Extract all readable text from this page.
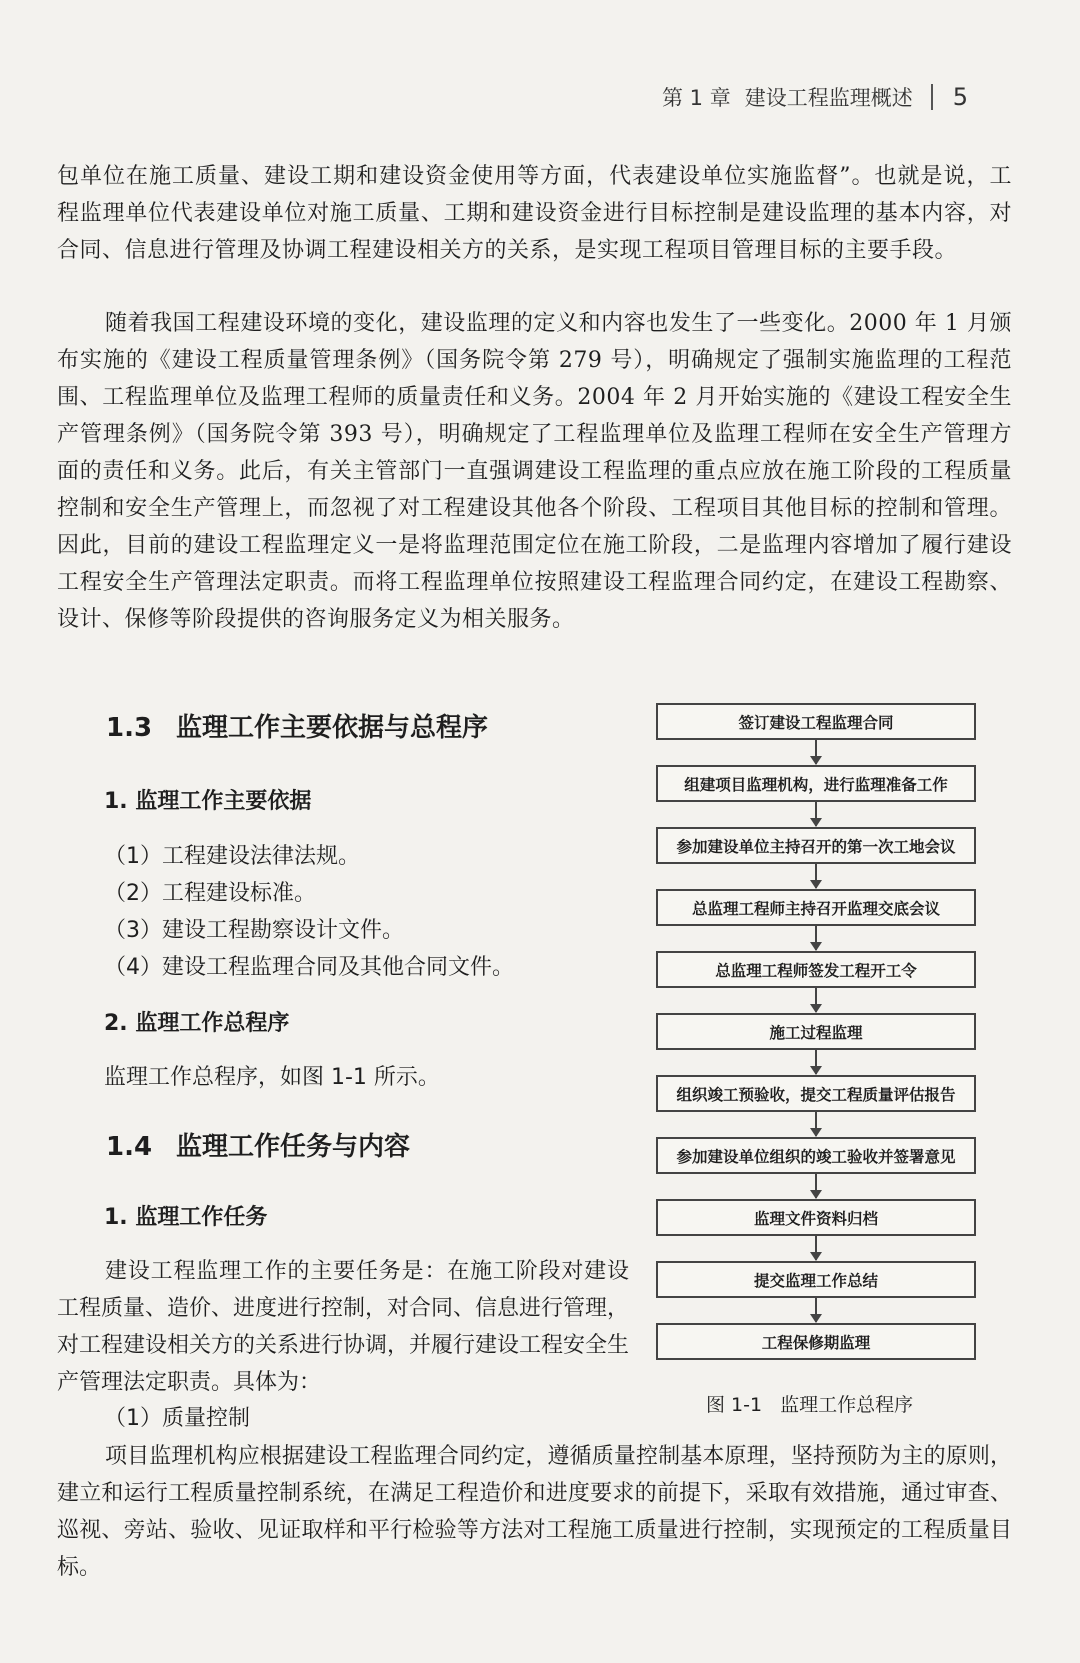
第 1 章 建设工程监理概述 5

包单位在施工质量、建设工期和建设资金使用等方面，代表建设单位实施监督”。也就是说，工程监理单位代表建设单位对施工质量、工期和建设资金进行目标控制是建设监理的基本内容，对合同、信息进行管理及协调工程建设相关方的关系，是实现工程项目管理目标的主要手段。

随着我国工程建设环境的变化，建设监理的定义和内容也发生了一些变化。2000 年 1 月颁布实施的《建设工程质量管理条例》（国务院令第 279 号），明确规定了强制实施监理的工程范围、工程监理单位及监理工程师的质量责任和义务。2004 年 2 月开始实施的《建设工程安全生产管理条例》（国务院令第 393 号），明确规定了工程监理单位及监理工程师在安全生产管理方面的责任和义务。此后，有关主管部门一直强调建设工程监理的重点应放在施工阶段的工程质量控制和安全生产管理上，而忽视了对工程建设其他各个阶段、工程项目其他目标的控制和管理。因此，目前的建设工程监理定义一是将监理范围定位在施工阶段，二是监理内容增加了履行建设工程安全生产管理法定职责。而将工程监理单位按照建设工程监理合同约定，在建设工程勘察、设计、保修等阶段提供的咨询服务定义为相关服务。

1.3 监理工作主要依据与总程序
1. 监理工作主要依据
（1）工程建设法律法规。
（2）工程建设标准。
（3）建设工程勘察设计文件。
（4）建设工程监理合同及其他合同文件。
2. 监理工作总程序

监理工作总程序，如图 1-1 所示。

1.4 监理工作任务与内容
1. 监理工作任务

建设工程监理工作的主要任务是：在施工阶段对建设工程质量、造价、进度进行控制，对合同、信息进行管理，对工程建设相关方的关系进行协调，并履行建设工程安全生产管理法定职责。具体为：

（1）质量控制

项目监理机构应根据建设工程监理合同约定，遵循质量控制基本原理，坚持预防为主的原则，建立和运行工程质量控制系统，在满足工程造价和进度要求的前提下，采取有效措施，通过审查、巡视、旁站、验收、见证取样和平行检验等方法对工程施工质量进行控制，实现预定的工程质量目标。

签订建设工程监理合同
组建项目监理机构，进行监理准备工作
参加建设单位主持召开的第一次工地会议
总监理工程师主持召开监理交底会议
总监理工程师签发工程开工令
施工过程监理
组织竣工预验收，提交工程质量评估报告
参加建设单位组织的竣工验收并签署意见
监理文件资料归档
提交监理工作总结
工程保修期监理
图 1-1 监理工作总程序
